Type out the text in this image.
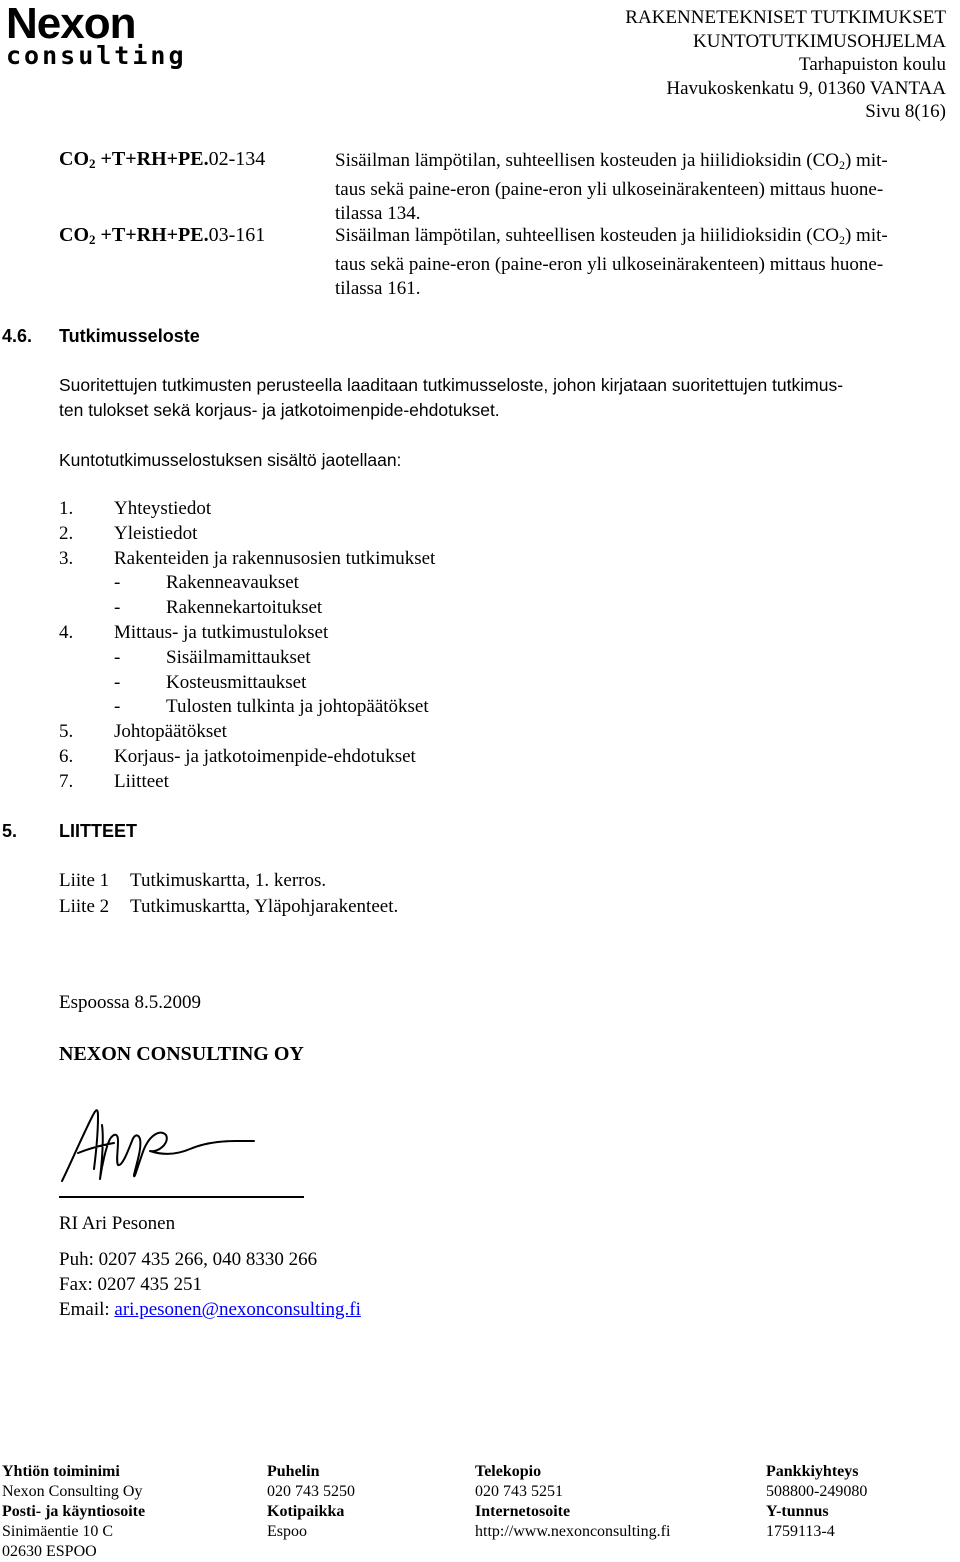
Nexon
consulting
RAKENNETEKNISET TUTKIMUKSET
KUNTOTUTKIMUSOHJELMA
Tarhapuiston koulu
Havukoskenkatu 9, 01360 VANTAA
Sivu 8(16)
$CO_2 +T+RH+PE.02-134$	Sisäilman lämpötilan, suhteellisen kosteuden ja hiilidioksidin $(CO_2)$ mit-
taus sekä paine-eron (paine-eron yli ulkoseinärakenteen) mittaus huone-
tilassa 134.
$CO_2 +T+RH+PE.03-161$	Sisäilman lämpötilan, suhteellisen kosteuden ja hiilidioksidin $(CO_2)$ mit-
taus sekä paine-eron (paine-eron yli ulkoseinärakenteen) mittaus huone-
tilassa 161.
4.6. Tutkimusseloste
Suoritettujen tutkimusten perusteella laaditaan tutkimusseloste, johon kirjataan suoritettujen tutkimus-
ten tulokset sekä korjaus- ja jatkotoimenpide-ehdotukset.
Kuntotutkimusselostuksen sisältö jaotellaan:
1. Yhteystiedot
2. Yleistiedot
3. Rakenteiden ja rakennusosien tutkimukset
- Rakenneavaukset
- Rakennekartoitukset
4. Mittaus- ja tutkimustulokset
- Sisäilmamittaukset
- Kosteusmittaukset
- Tulosten tulkinta ja johtopäätökset
5. Johtopäätökset
6. Korjaus- ja jatkotoimenpide-ehdotukset
7. Liitteet
5. LIITTEET
Liite 1 Tutkimuskartta, 1. kerros.
Liite 2 Tutkimuskartta, Yläpohjarakenteet.
Espoossa 8.5.2009
NEXON CONSULTING OY
RI Ari Pesonen
Puh: 0207 435 266, 040 8330 266
Fax: 0207 435 251
Email: ari.pesonen@nexonconsulting.fi
Yhtiön toiminimi	Puhelin	Telekopio	Pankkiyhteys
Nexon Consulting Oy	020 743 5250	020 743 5251	508800-249080
Posti- ja käyntiosoite	Kotipaikka	Internetosoite	Y-tunnus
Sinimäentie 10 C	Espoo	http://www.nexonconsulting.fi	1759113-4
02630 ESPOO
